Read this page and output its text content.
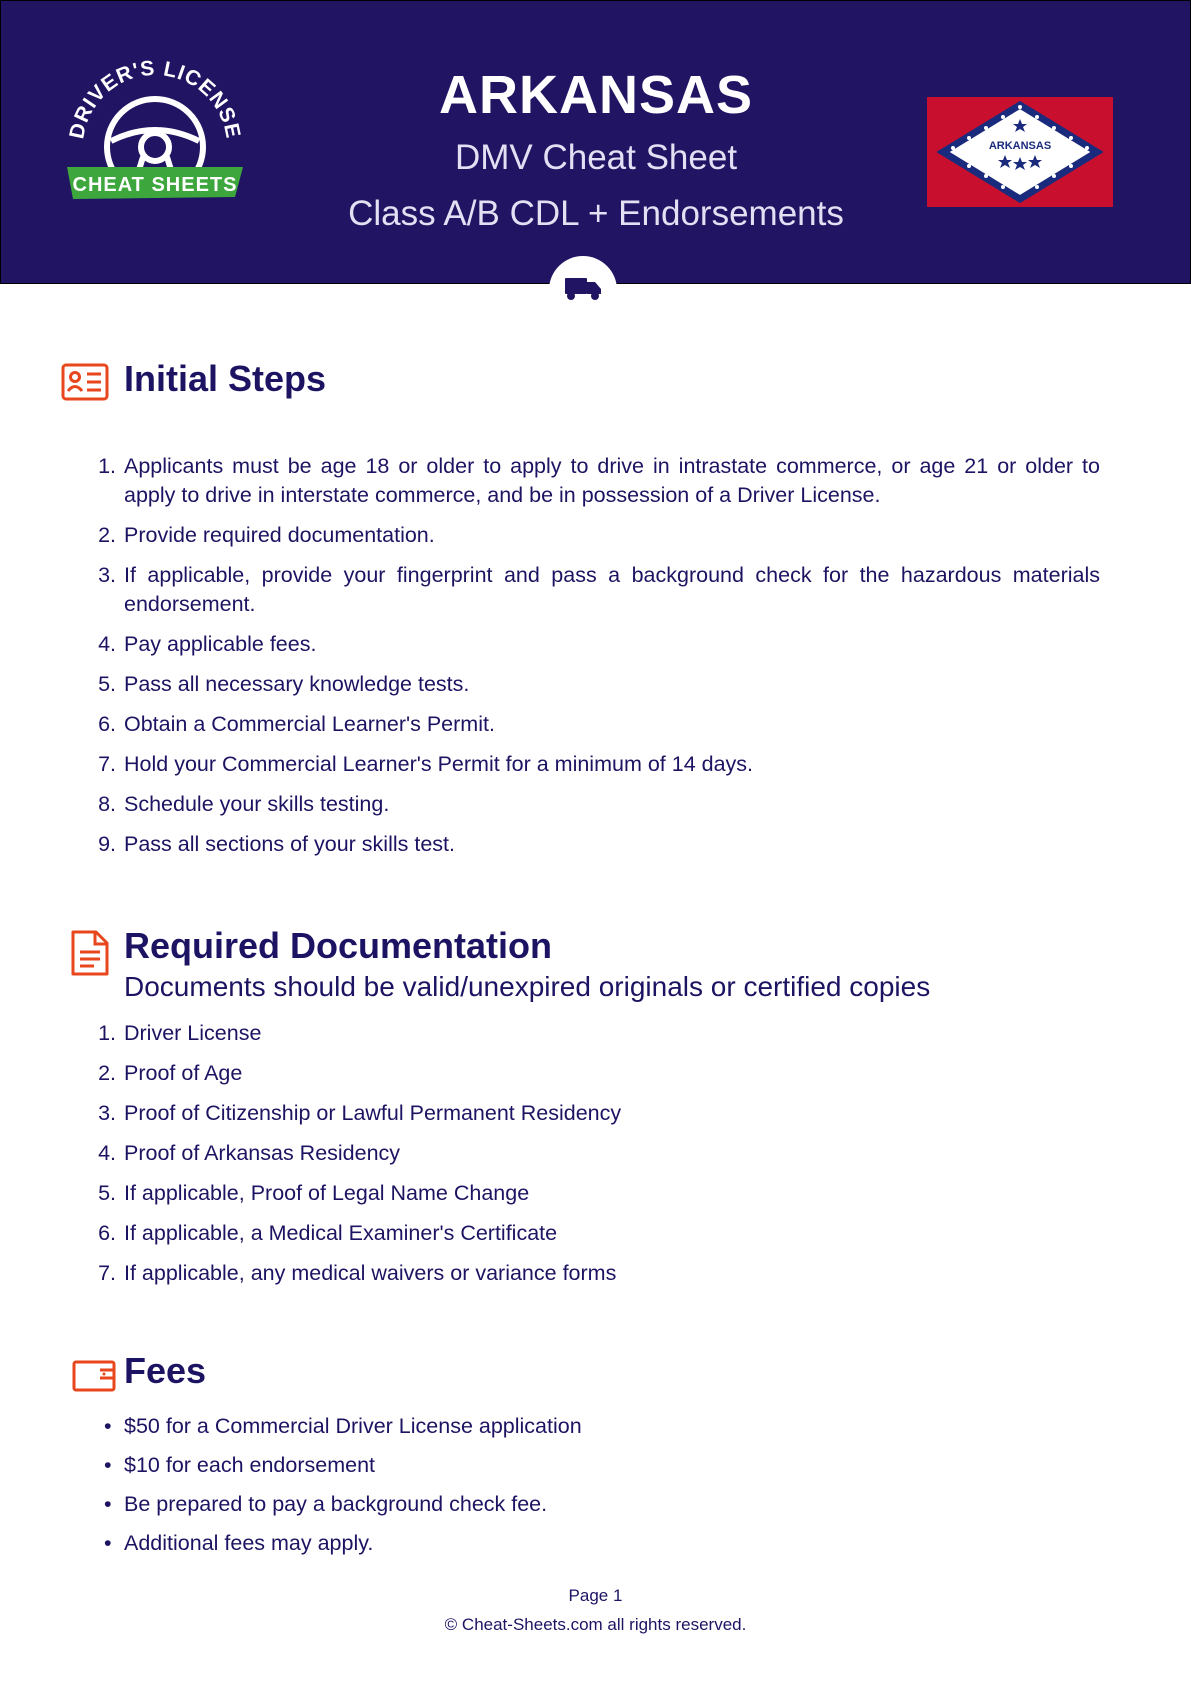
DRIVER'S LICENSE
CHEAT SHEETS
ARKANSAS
DMV Cheat Sheet
Class A/B CDL + Endorsements
ARKANSAS
Initial Steps
1. Applicants must be age 18 or older to apply to drive in intrastate commerce, or age 21 or older to apply to drive in interstate commerce, and be in possession of a Driver License.
2. Provide required documentation.
3. If applicable, provide your fingerprint and pass a background check for the hazardous materials endorsement.
4. Pay applicable fees.
5. Pass all necessary knowledge tests.
6. Obtain a Commercial Learner's Permit.
7. Hold your Commercial Learner's Permit for a minimum of 14 days.
8. Schedule your skills testing.
9. Pass all sections of your skills test.
Required Documentation
Documents should be valid/unexpired originals or certified copies
1. Driver License
2. Proof of Age
3. Proof of Citizenship or Lawful Permanent Residency
4. Proof of Arkansas Residency
5. If applicable, Proof of Legal Name Change
6. If applicable, a Medical Examiner's Certificate
7. If applicable, any medical waivers or variance forms
Fees
• $50 for a Commercial Driver License application
• $10 for each endorsement
• Be prepared to pay a background check fee.
• Additional fees may apply.
Page 1
© Cheat-Sheets.com all rights reserved.
